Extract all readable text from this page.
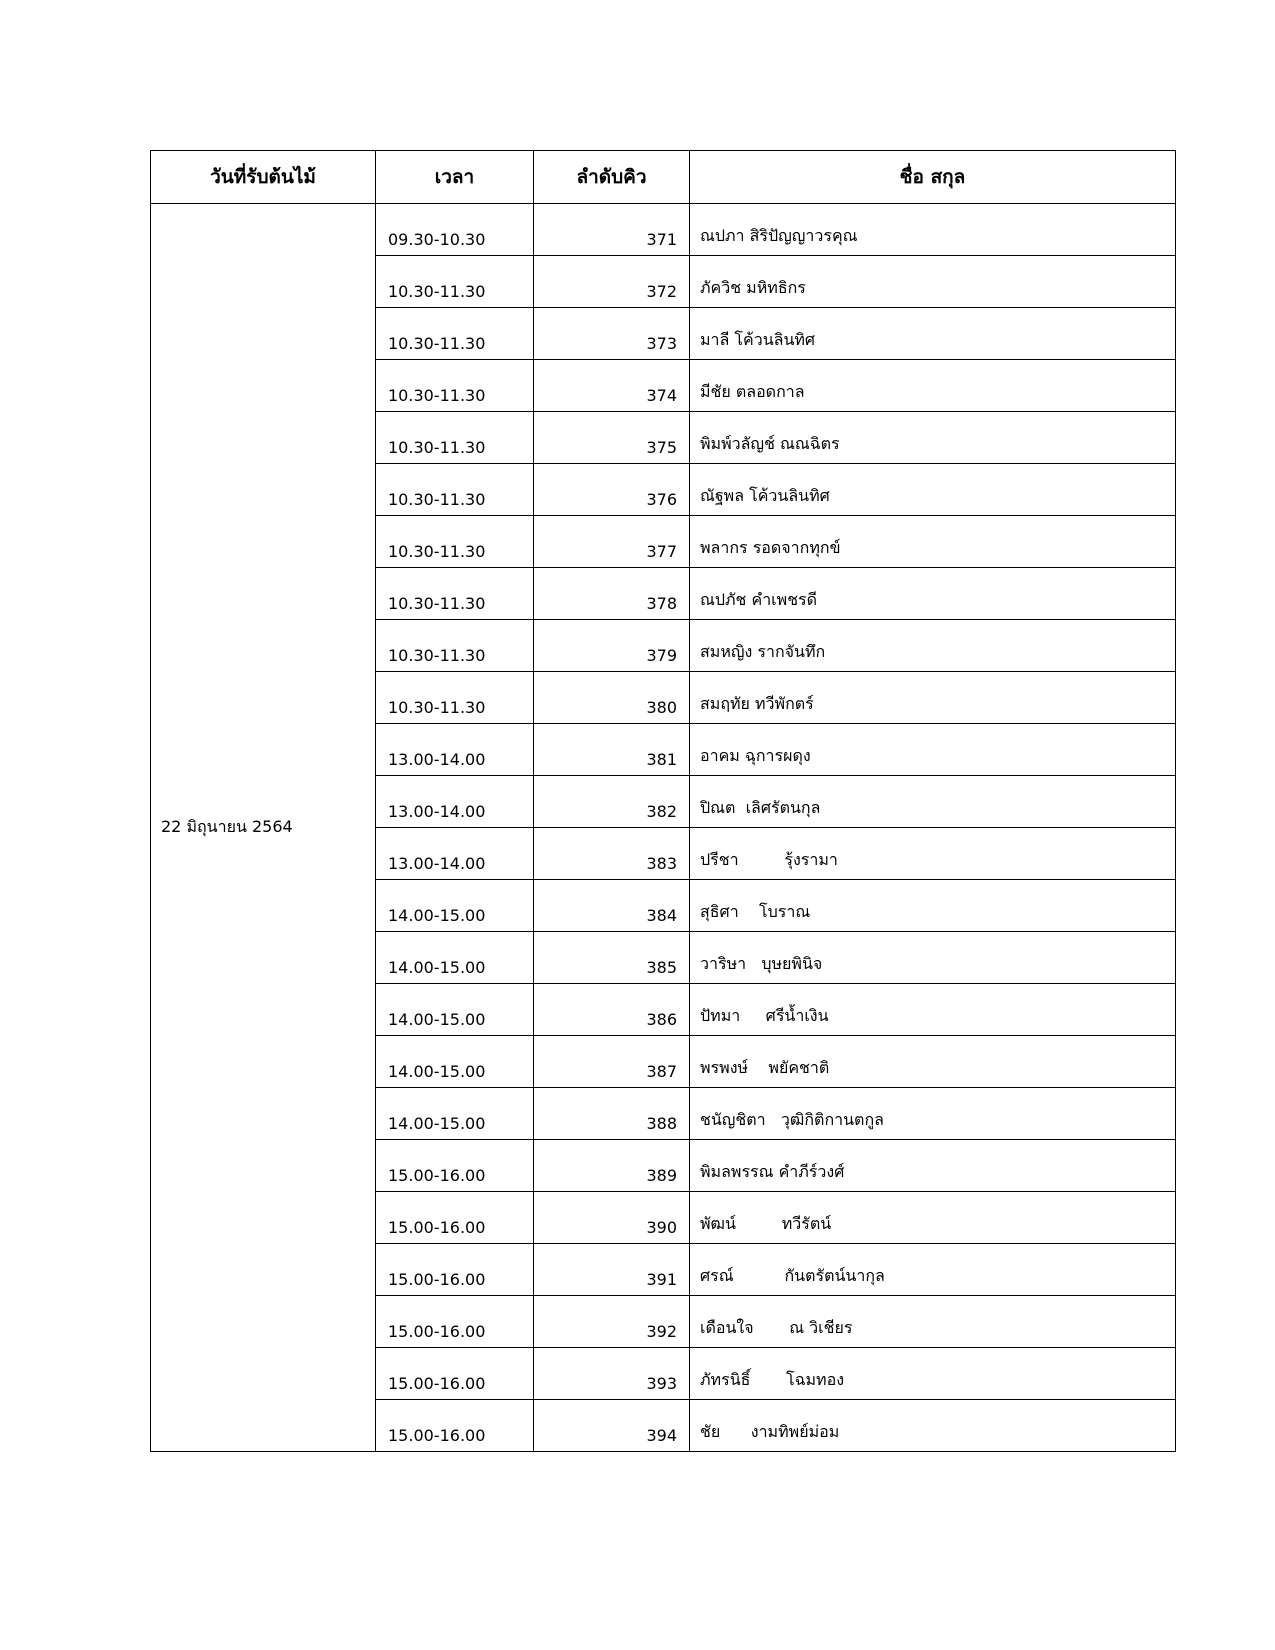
วันที่รับต้นไม้	เวลา	ลำดับคิว	ชื่อ สกุล
22 มิถุนายน 2564	09.30-10.30	371	ณปภา สิริปัญญาวรคุณ
	10.30-11.30	372	ภัควิช มหิทธิกร
	10.30-11.30	373	มาลี โค้วนลินทิศ
	10.30-11.30	374	มีชัย ตลอดกาล
	10.30-11.30	375	พิมพ์วลัญช์ ณณฉิตร
	10.30-11.30	376	ณัฐพล โค้วนลินทิศ
	10.30-11.30	377	พลากร รอดจากทุกข์
	10.30-11.30	378	ณปภัช คำเพชรดี
	10.30-11.30	379	สมหญิง รากจันทึก
	10.30-11.30	380	สมฤทัย ทวีพักตร์
	13.00-14.00	381	อาคม ฉุการผดุง
	13.00-14.00	382	ปิณต  เลิศรัตนกุล
	13.00-14.00	383	ปรีชา         รุ้งรามา
	14.00-15.00	384	สุธิศา    โบราณ
	14.00-15.00	385	วาริษา   บุษยพินิจ
	14.00-15.00	386	ปัทมา     ศรีน้ำเงิน
	14.00-15.00	387	พรพงษ์    พยัคชาติ
	14.00-15.00	388	ชนัญชิตา   วุฒิกิติกานตกูล
	15.00-16.00	389	พิมลพรรณ คำภีร์วงศ์
	15.00-16.00	390	พัฒน์         ทวีรัตน์
	15.00-16.00	391	ศรณ์          กันตรัตน์นากุล
	15.00-16.00	392	เดือนใจ       ณ วิเชียร
	15.00-16.00	393	ภัทรนิธิ์       โฉมทอง
	15.00-16.00	394	ชัย      งามทิพย์ม่อม
